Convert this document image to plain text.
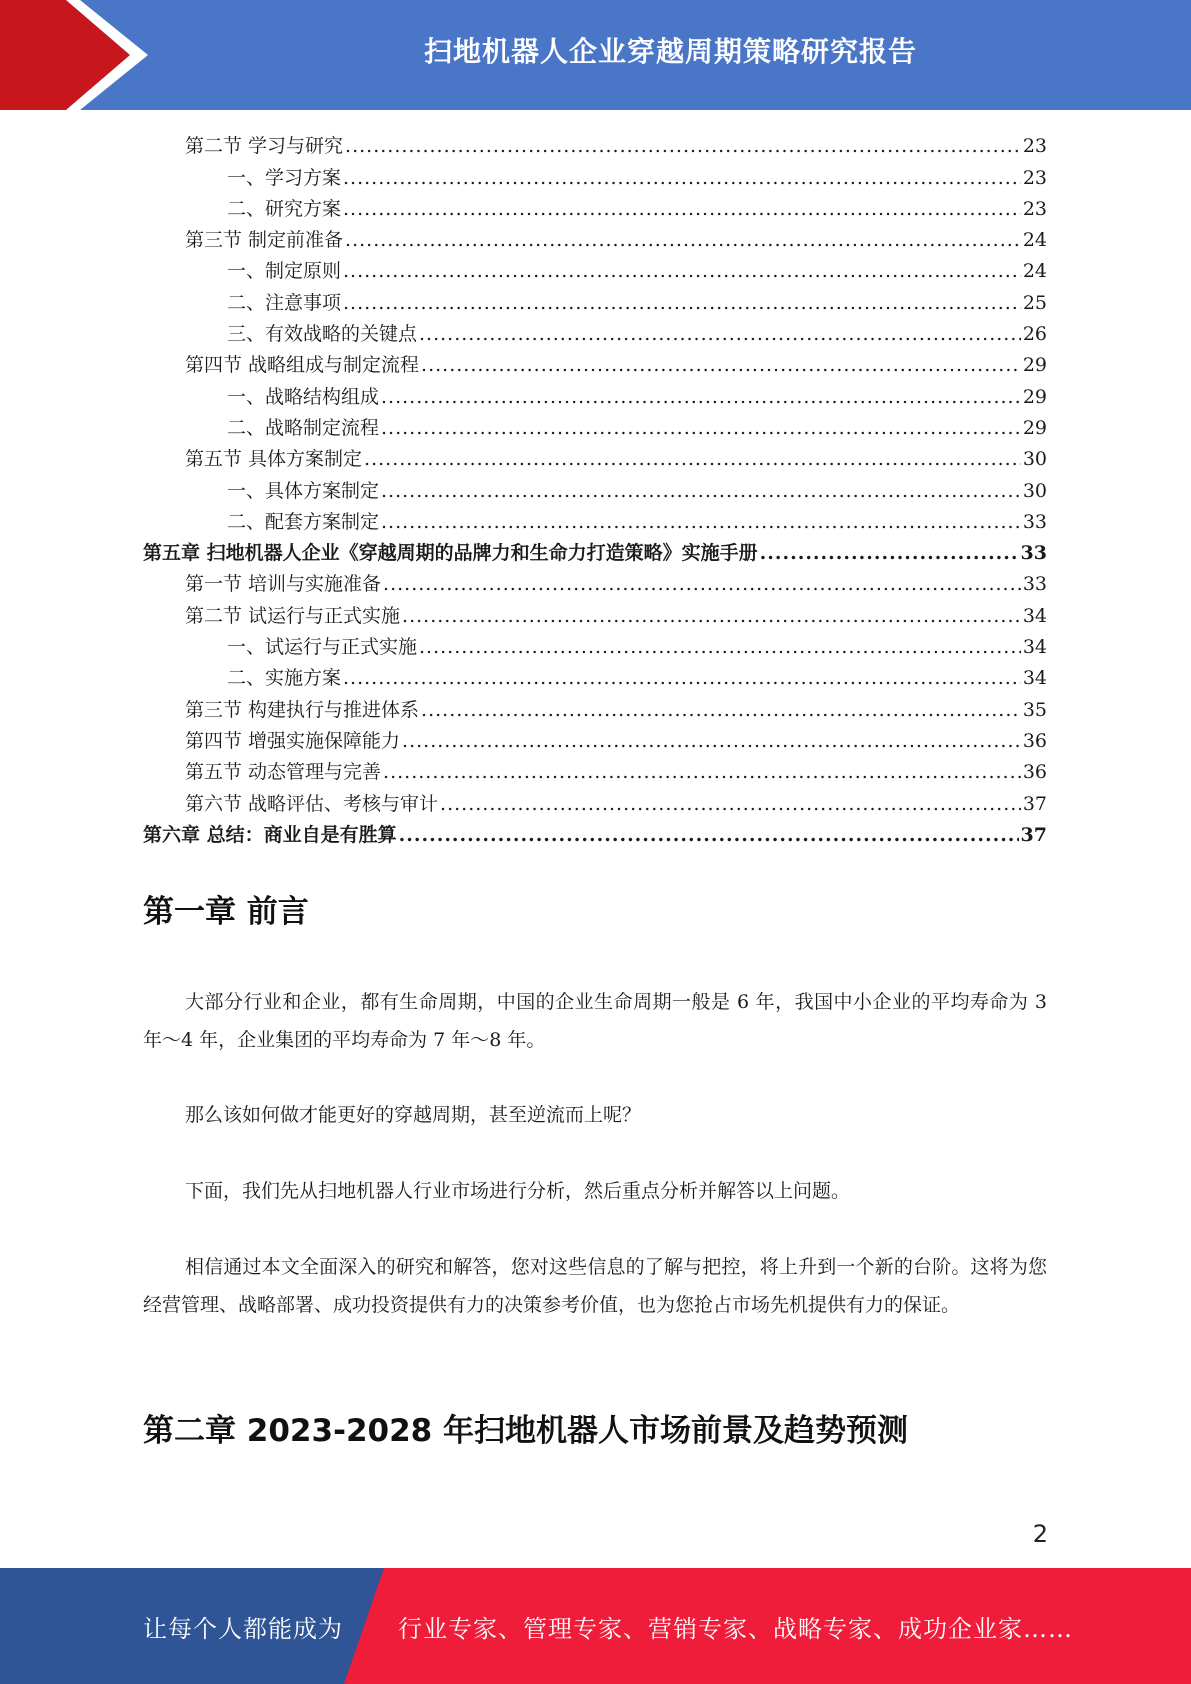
扫地机器人企业穿越周期策略研究报告
第二节 学习与研究 .....	23
一、学习方案 .....	23
二、研究方案 .....	23
第三节 制定前准备 .....	24
一、制定原则 .....	24
二、注意事项 .....	25
三、有效战略的关键点 .....	26
第四节 战略组成与制定流程 .....	29
一、战略结构组成 .....	29
二、战略制定流程 .....	29
第五节 具体方案制定 .....	30
一、具体方案制定 .....	30
二、配套方案制定 .....	33
第五章 扫地机器人企业《穿越周期的品牌力和生命力打造策略》实施手册 .....	33
第一节 培训与实施准备 .....	33
第二节 试运行与正式实施 .....	34
一、试运行与正式实施 .....	34
二、实施方案 .....	34
第三节 构建执行与推进体系 .....	35
第四节 增强实施保障能力 .....	36
第五节 动态管理与完善 .....	36
第六节 战略评估、考核与审计 .....	37
第六章 总结：商业自是有胜算 .....	37
第一章 前言

大部分行业和企业，都有生命周期，中国的企业生命周期一般是 6 年，我国中小企业的平均寿命为 3 年～4 年，企业集团的平均寿命为 7 年～8 年。

那么该如何做才能更好的穿越周期，甚至逆流而上呢？

下面，我们先从扫地机器人行业市场进行分析，然后重点分析并解答以上问题。

相信通过本文全面深入的研究和解答，您对这些信息的了解与把控，将上升到一个新的台阶。这将为您经营管理、战略部署、成功投资提供有力的决策参考价值，也为您抢占市场先机提供有力的保证。

第二章 2023-2028 年扫地机器人市场前景及趋势预测
2
让每个人都能成为 行业专家、管理专家、营销专家、战略专家、成功企业家……
